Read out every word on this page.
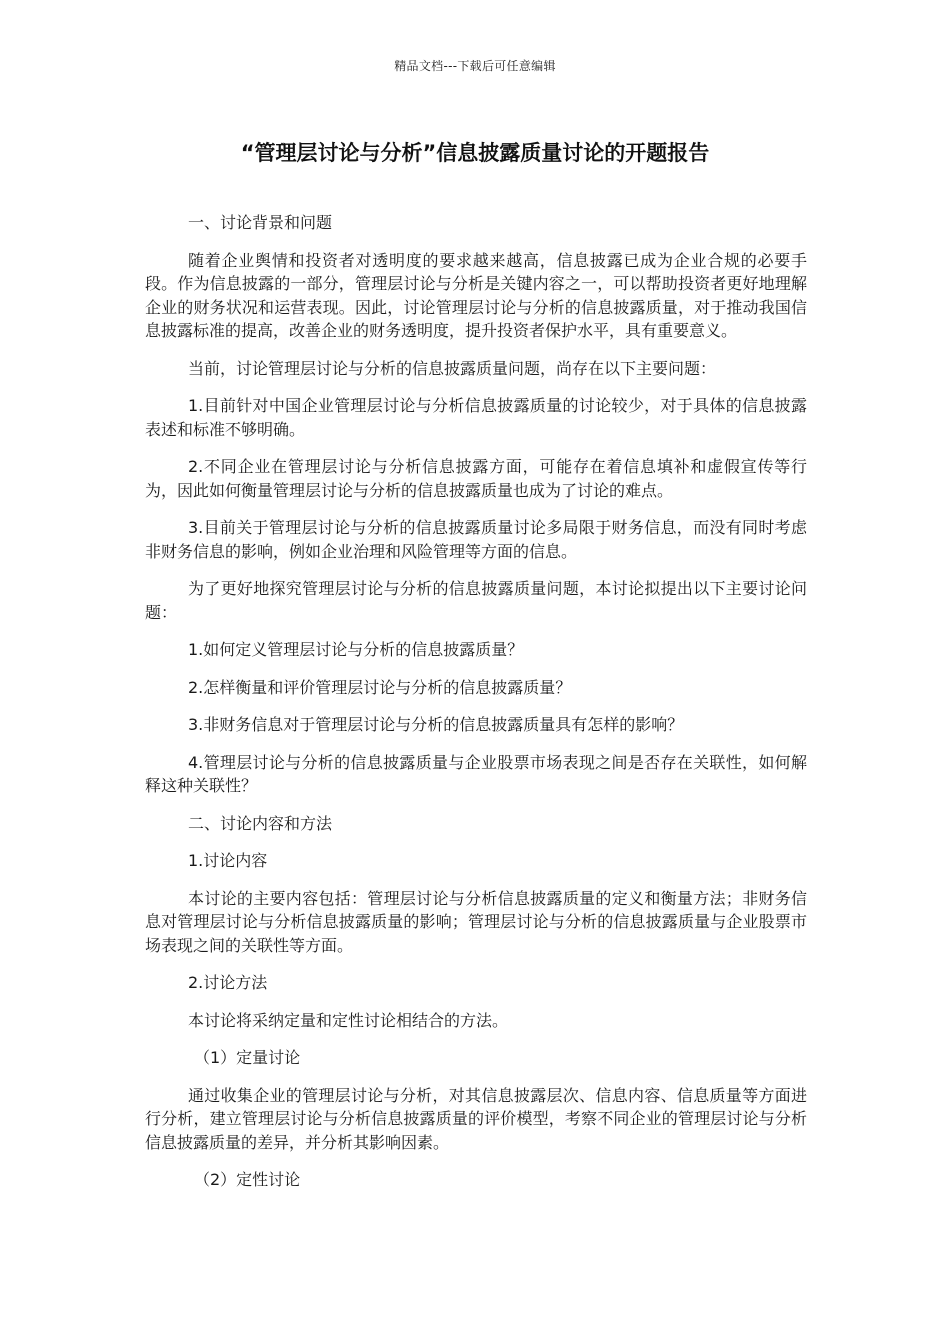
精品文档---下载后可任意编辑
“管理层讨论与分析”信息披露质量讨论的开题报告

一、讨论背景和问题

随着企业舆情和投资者对透明度的要求越来越高，信息披露已成为企业合规的必要手段。作为信息披露的一部分，管理层讨论与分析是关键内容之一，可以帮助投资者更好地理解企业的财务状况和运营表现。因此，讨论管理层讨论与分析的信息披露质量，对于推动我国信息披露标准的提高，改善企业的财务透明度，提升投资者保护水平，具有重要意义。

当前，讨论管理层讨论与分析的信息披露质量问题，尚存在以下主要问题：

1.目前针对中国企业管理层讨论与分析信息披露质量的讨论较少，对于具体的信息披露表述和标准不够明确。

2.不同企业在管理层讨论与分析信息披露方面，可能存在着信息填补和虚假宣传等行为，因此如何衡量管理层讨论与分析的信息披露质量也成为了讨论的难点。

3.目前关于管理层讨论与分析的信息披露质量讨论多局限于财务信息，而没有同时考虑非财务信息的影响，例如企业治理和风险管理等方面的信息。

为了更好地探究管理层讨论与分析的信息披露质量问题，本讨论拟提出以下主要讨论问题：

1.如何定义管理层讨论与分析的信息披露质量？

2.怎样衡量和评价管理层讨论与分析的信息披露质量？

3.非财务信息对于管理层讨论与分析的信息披露质量具有怎样的影响？

4.管理层讨论与分析的信息披露质量与企业股票市场表现之间是否存在关联性，如何解释这种关联性？

二、讨论内容和方法

1.讨论内容

本讨论的主要内容包括：管理层讨论与分析信息披露质量的定义和衡量方法；非财务信息对管理层讨论与分析信息披露质量的影响；管理层讨论与分析的信息披露质量与企业股票市场表现之间的关联性等方面。

2.讨论方法

本讨论将采纳定量和定性讨论相结合的方法。

（1）定量讨论

通过收集企业的管理层讨论与分析，对其信息披露层次、信息内容、信息质量等方面进行分析，建立管理层讨论与分析信息披露质量的评价模型，考察不同企业的管理层讨论与分析信息披露质量的差异，并分析其影响因素。

（2）定性讨论
